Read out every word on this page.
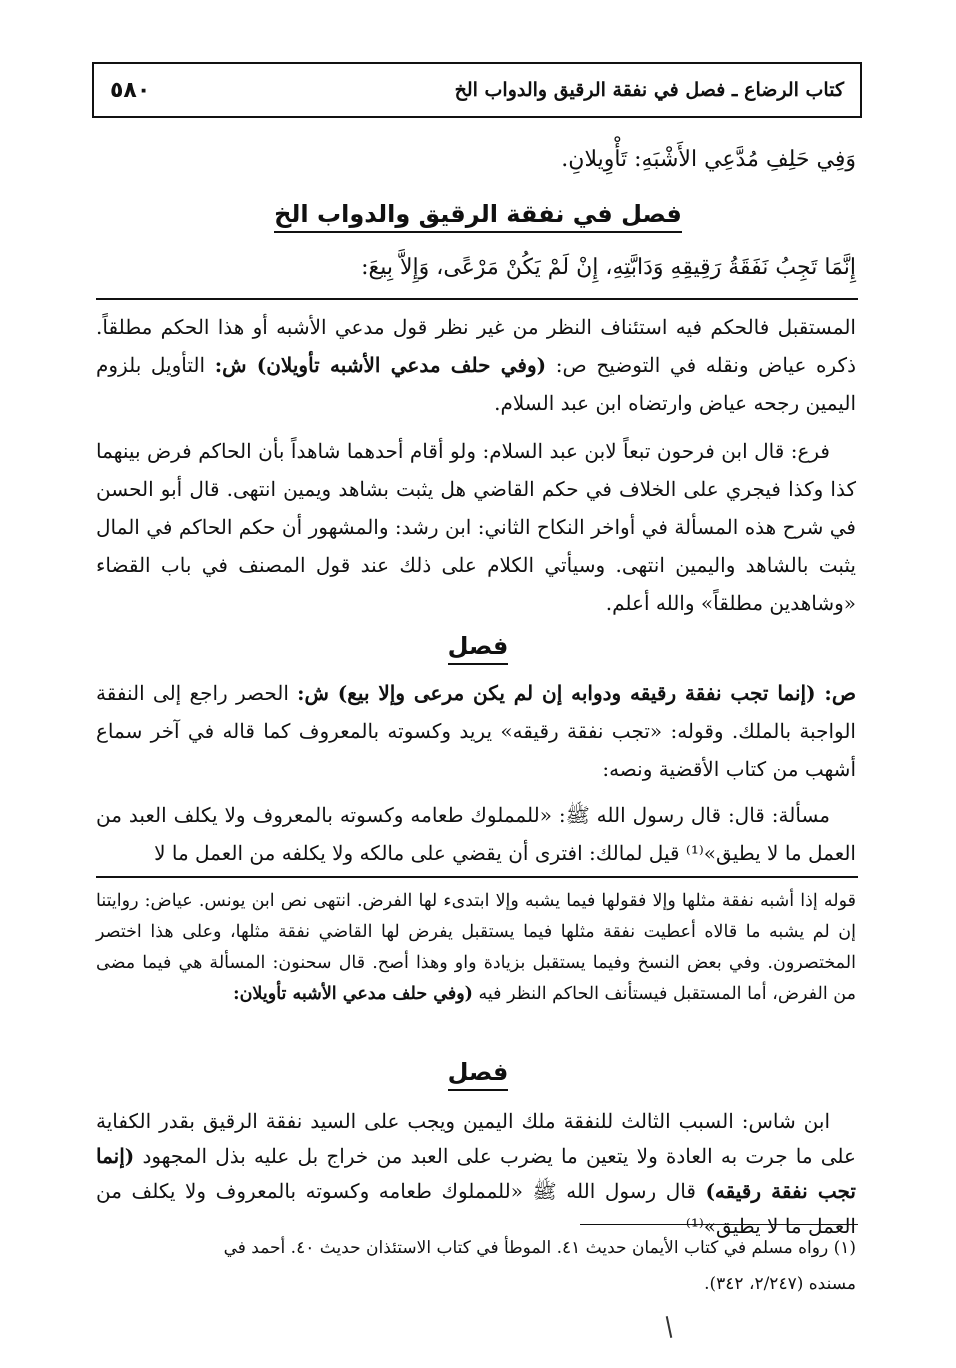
كتاب الرضاع ـ فصل في نفقة الرقيق والدواب الخ
٥٨٠
وَفِي حَلِفِ مُدَّعِي الأَشْبَهِ: تَأْوِيلانِ.
فصل في نفقة الرقيق والدواب الخ
إِنَّمَا تَجِبُ نَفَقَةُ رَقِيقِهِ وَدَابَّتِهِ، إِنْ لَمْ يَكُنْ مَرْعًى، وَإِلاَّ بِيعَ:

المستقبل فالحكم فيه استئناف النظر من غير نظر قول مدعي الأشبه أو هذا الحكم مطلقاً. ذكره عياض ونقله في التوضيح ص: (وفي حلف مدعي الأشبه تأويلان) ش: التأويل بلزوم اليمين رجحه عياض وارتضاه ابن عبد السلام.

فرع: قال ابن فرحون تبعاً لابن عبد السلام: ولو أقام أحدهما شاهداً بأن الحاكم فرض بينهما كذا وكذا فيجري على الخلاف في حكم القاضي هل يثبت بشاهد ويمين انتهى. قال أبو الحسن في شرح هذه المسألة في أواخر النكاح الثاني: ابن رشد: والمشهور أن حكم الحاكم في المال يثبت بالشاهد واليمين انتهى. وسيأتي الكلام على ذلك عند قول المصنف في باب القضاء «وشاهدين مطلقاً» والله أعلم.

فصل

ص: (إنما تجب نفقة رقيقه ودوابه إن لم يكن مرعى وإلا بيع) ش: الحصر راجع إلى النفقة الواجبة بالملك. وقوله: «تجب نفقة رقيقه» يريد وكسوته بالمعروف كما قاله في آخر سماع أشهب من كتاب الأقضية ونصه:

مسألة: قال: قال رسول الله ﷺ: «للمملوك طعامه وكسوته بالمعروف ولا يكلف العبد من العمل ما لا يطيق»⁽¹⁾ قيل لمالك: افترى أن يقضي على مالكه ولا يكلفه من العمل ما لا

قوله إذا أشبه نفقة مثلها وإلا فقولها فيما يشبه وإلا ابتدىء لها الفرض. انتهى نص ابن يونس. عياض: روايتنا إن لم يشبه ما قالاه أعطيت نفقة مثلها فيما يستقبل يفرض لها القاضي نفقة مثلها، وعلى هذا اختصر المختصرون. وفي بعض النسخ وفيما يستقبل بزيادة واو وهذا أصح. قال سحنون: المسألة هي فيما مضى من الفرض، أما المستقبل فيستأنف الحاكم النظر فيه (وفي حلف مدعي الأشبه تأويلان:
فصل
ابن شاس: السبب الثالث للنفقة ملك اليمين ويجب على السيد نفقة الرقيق بقدر الكفاية على ما جرت به العادة ولا يتعين ما يضرب على العبد من خراج بل عليه بذل المجهود (إنما تجب نفقة رقيقه) قال رسول الله ﷺ «للمملوك طعامه وكسوته بالمعروف ولا يكلف من العمل ما لا يطيق»⁽¹⁾
(١) رواه مسلم في كتاب الأيمان حديث ٤١. الموطأ في كتاب الاستئذان حديث ٤٠. أحمد في
مسنده (٢/٢٤٧، ٣٤٢).
